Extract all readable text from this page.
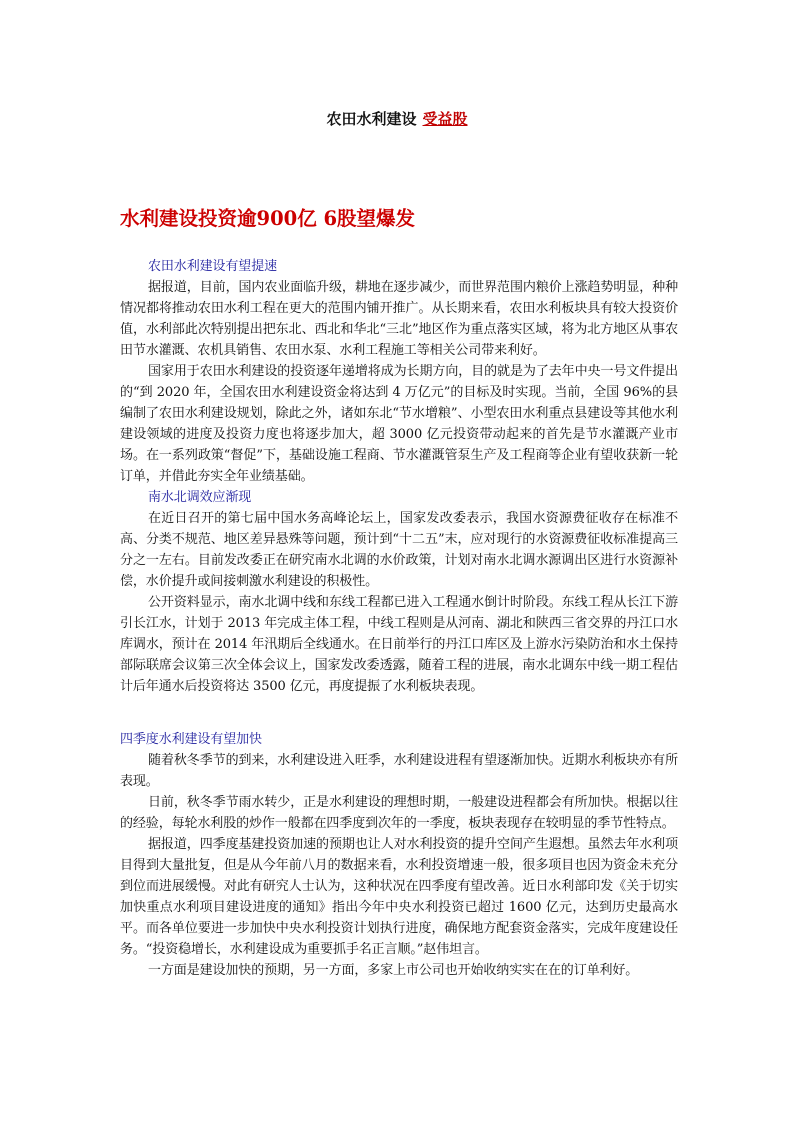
农田水利建设 受益股
水利建设投资逾900亿 6股望爆发
农田水利建设有望提速

据报道，目前，国内农业面临升级，耕地在逐步减少，而世界范围内粮价上涨趋势明显，种种情况都将推动农田水利工程在更大的范围内铺开推广。从长期来看，农田水利板块具有较大投资价值，水利部此次特别提出把东北、西北和华北“三北”地区作为重点落实区域，将为北方地区从事农田节水灌溉、农机具销售、农田水泵、水利工程施工等相关公司带来利好。

国家用于农田水利建设的投资逐年递增将成为长期方向，目的就是为了去年中央一号文件提出的“到 2020 年，全国农田水利建设资金将达到 4 万亿元”的目标及时实现。当前，全国 96%的县编制了农田水利建设规划，除此之外，诸如东北“节水增粮”、小型农田水利重点县建设等其他水利建设领域的进度及投资力度也将逐步加大，超 3000 亿元投资带动起来的首先是节水灌溉产业市场。在一系列政策“督促”下，基础设施工程商、节水灌溉管泵生产及工程商等企业有望收获新一轮订单，并借此夯实全年业绩基础。

南水北调效应渐现

在近日召开的第七届中国水务高峰论坛上，国家发改委表示，我国水资源费征收存在标准不高、分类不规范、地区差异悬殊等问题，预计到“十二五”末，应对现行的水资源费征收标准提高三分之一左右。目前发改委正在研究南水北调的水价政策，计划对南水北调水源调出区进行水资源补偿，水价提升或间接刺激水利建设的积极性。

公开资料显示，南水北调中线和东线工程都已进入工程通水倒计时阶段。东线工程从长江下游引长江水，计划于 2013 年完成主体工程，中线工程则是从河南、湖北和陕西三省交界的丹江口水库调水，预计在 2014 年汛期后全线通水。在日前举行的丹江口库区及上游水污染防治和水土保持部际联席会议第三次全体会议上，国家发改委透露，随着工程的进展，南水北调东中线一期工程估计后年通水后投资将达 3500 亿元，再度提振了水利板块表现。

四季度水利建设有望加快

随着秋冬季节的到来，水利建设进入旺季，水利建设进程有望逐渐加快。近期水利板块亦有所表现。

日前，秋冬季节雨水转少，正是水利建设的理想时期，一般建设进程都会有所加快。根据以往的经验，每轮水利股的炒作一般都在四季度到次年的一季度，板块表现存在较明显的季节性特点。

据报道，四季度基建投资加速的预期也让人对水利投资的提升空间产生遐想。虽然去年水利项目得到大量批复，但是从今年前八月的数据来看，水利投资增速一般，很多项目也因为资金未充分到位而进展缓慢。对此有研究人士认为，这种状况在四季度有望改善。近日水利部印发《关于切实加快重点水利项目建设进度的通知》指出今年中央水利投资已超过 1600 亿元，达到历史最高水平。而各单位要进一步加快中央水利投资计划执行进度，确保地方配套资金落实，完成年度建设任务。“投资稳增长，水利建设成为重要抓手名正言顺。”赵伟坦言。

一方面是建设加快的预期，另一方面，多家上市公司也开始收纳实实在在的订单利好。
